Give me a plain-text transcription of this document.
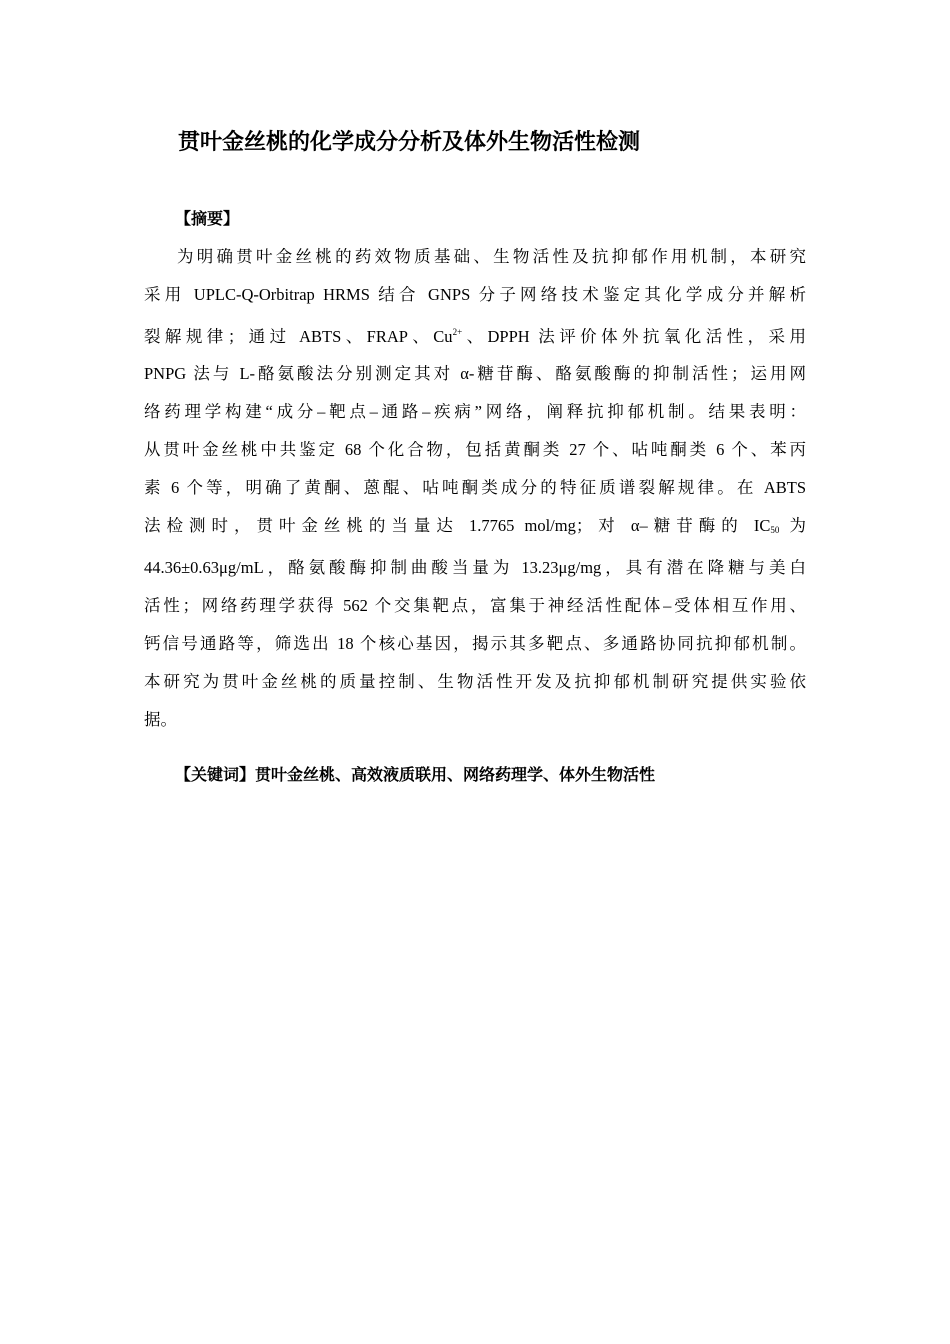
贯叶金丝桃的化学成分分析及体外生物活性检测
【摘要】
为明确贯叶金丝桃的药效物质基础、生物活性及抗抑郁作用机制，本研究
采用 UPLC-Q-Orbitrap HRMS 结合 GNPS 分子网络技术鉴定其化学成分并解析
裂解规律；通过 ABTS、FRAP、$Cu^{2+}$、DPPH 法评价体外抗氧化活性，采用
PNPG 法与 L-酪氨酸法分别测定其对 α-糖苷酶、酪氨酸酶的抑制活性；运用网
络药理学构建“成分–靶点–通路–疾病”网络，阐释抗抑郁机制。结果表明：
从贯叶金丝桃中共鉴定 68 个化合物，包括黄酮类 27 个、呫吨酮类 6 个、苯丙
素 6 个等，明确了黄酮、蒽醌、呫吨酮类成分的特征质谱裂解规律。在 ABTS
法检测时，贯叶金丝桃的当量达 1.7765 mol/mg；对 α–糖苷酶的 $IC_{50}$ 为
44.36±0.63μg/mL，酪氨酸酶抑制曲酸当量为 13.23μg/mg，具有潜在降糖与美白
活性；网络药理学获得 562 个交集靶点，富集于神经活性配体–受体相互作用、
钙信号通路等，筛选出 18 个核心基因，揭示其多靶点、多通路协同抗抑郁机制。
本研究为贯叶金丝桃的质量控制、生物活性开发及抗抑郁机制研究提供实验依
据。
【关键词】贯叶金丝桃、高效液质联用、网络药理学、体外生物活性
